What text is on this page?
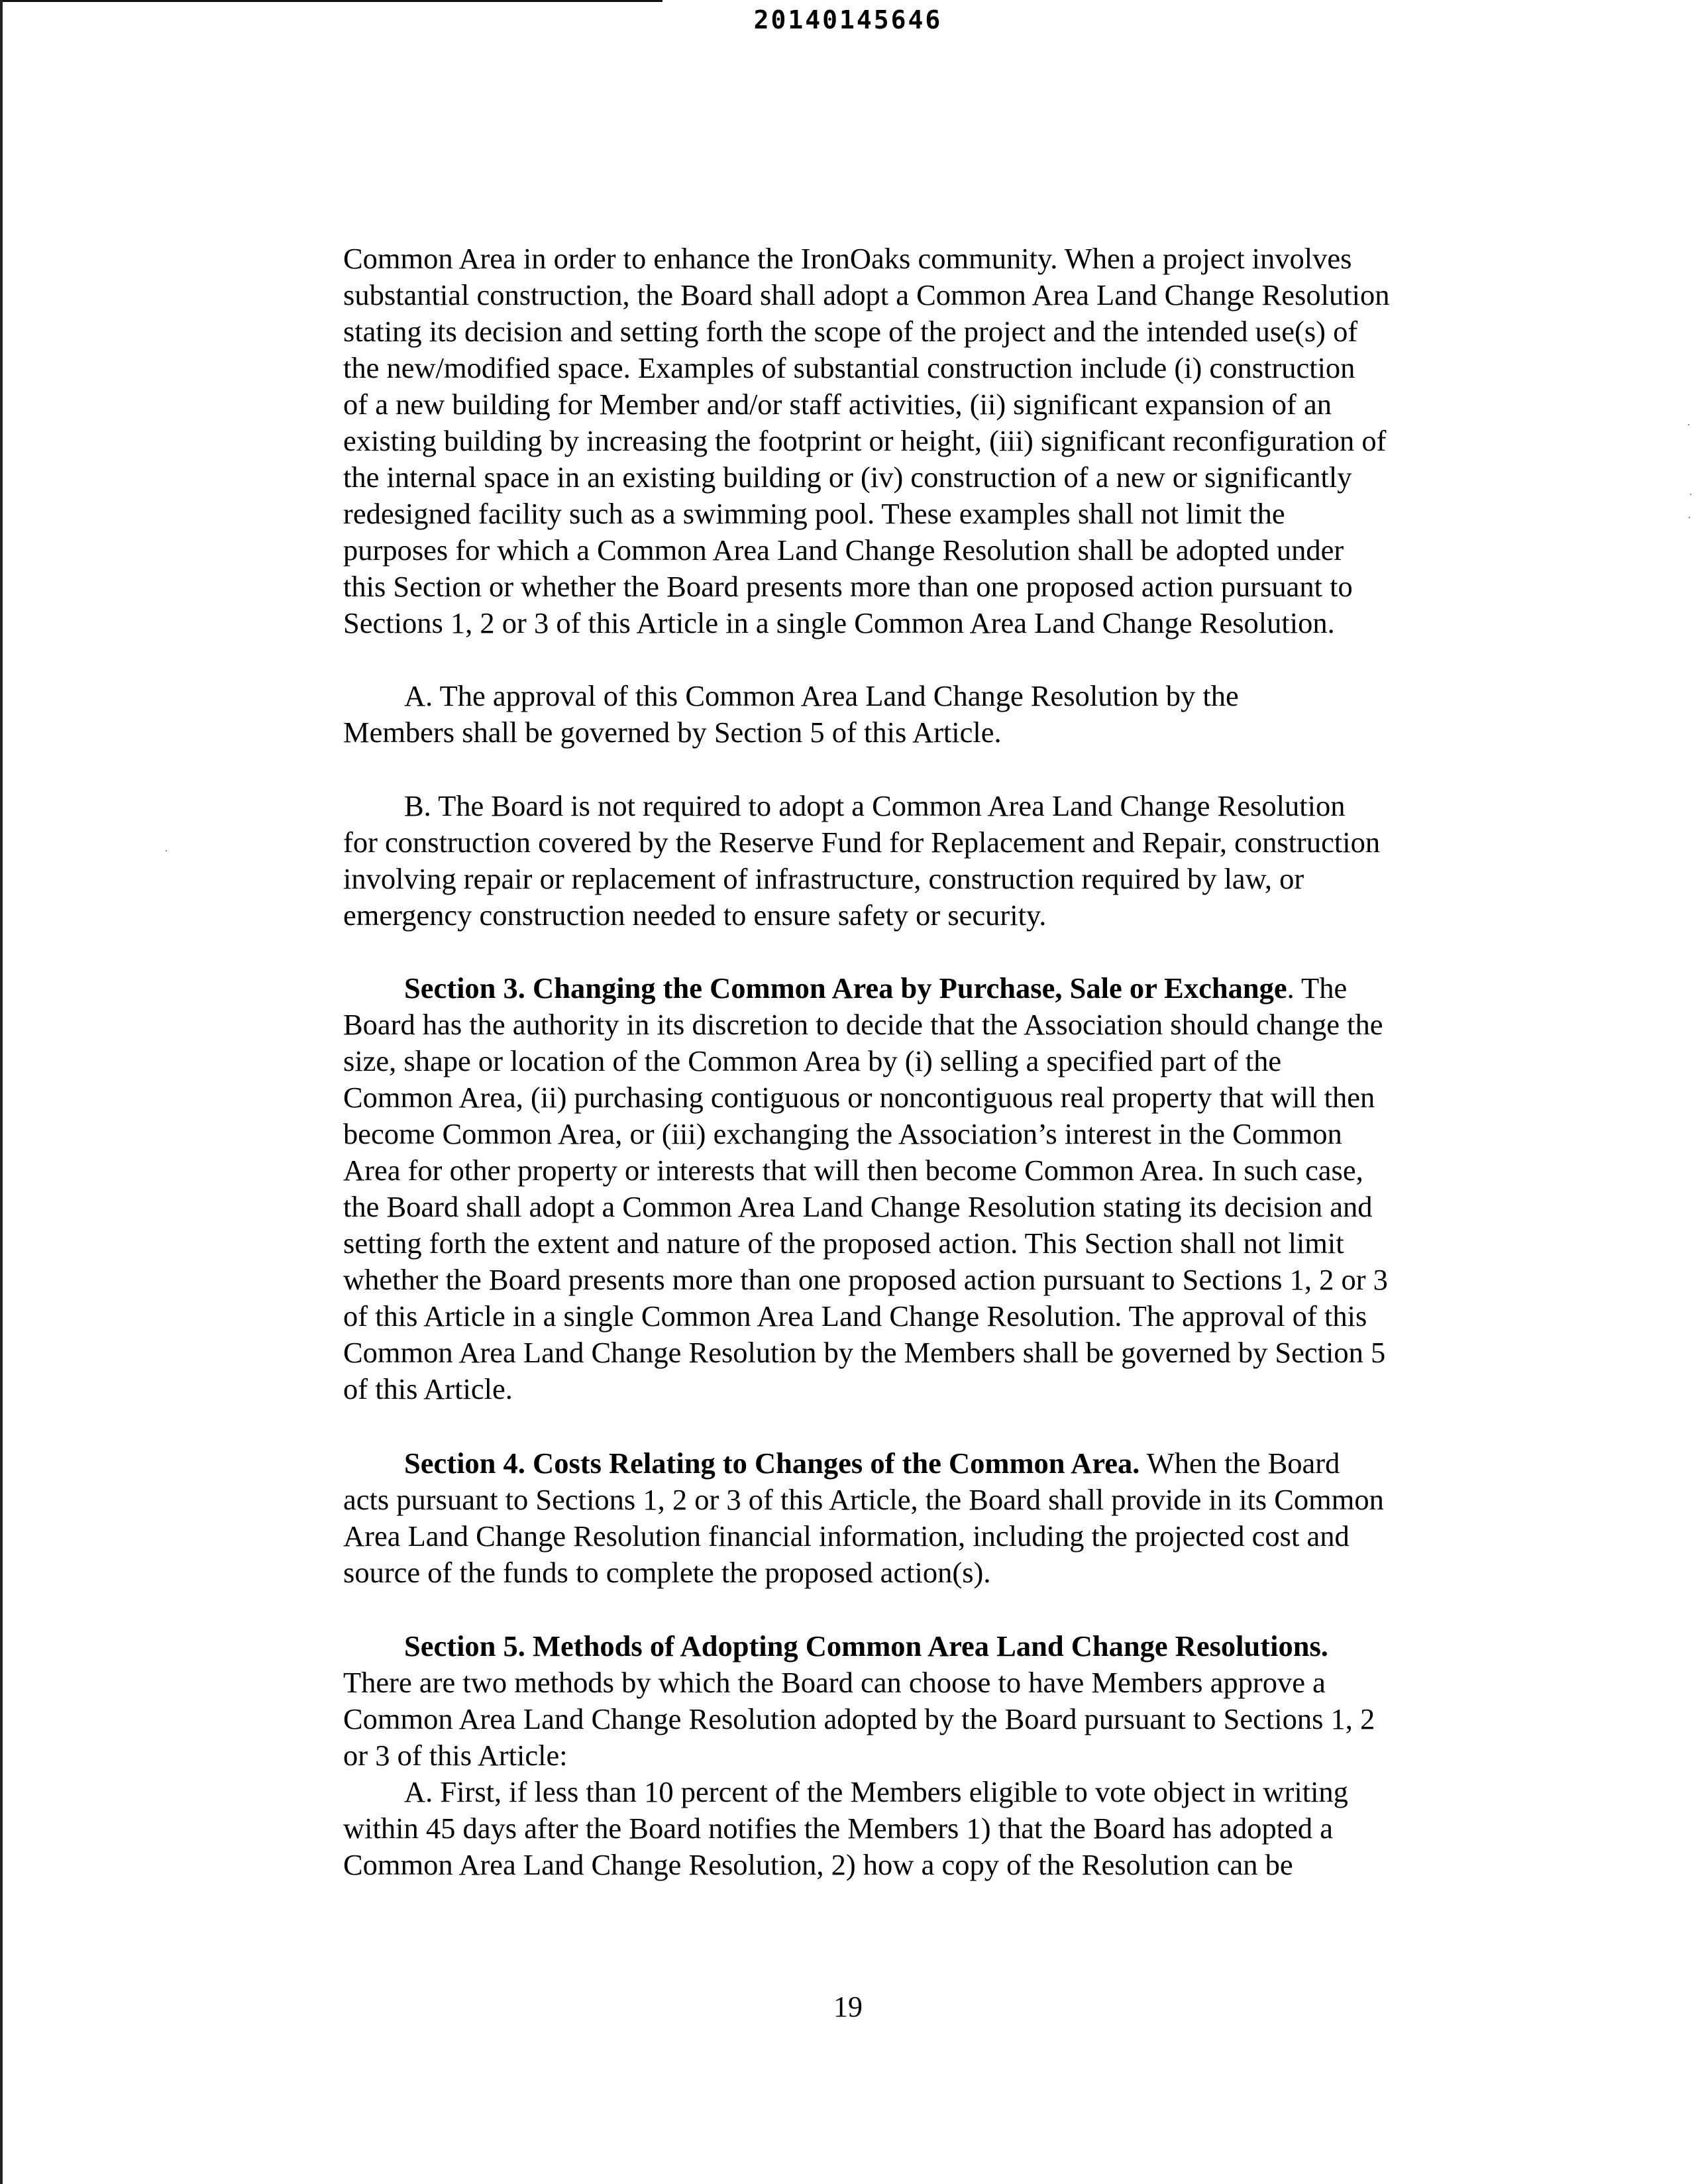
20140145646

Common Area in order to enhance the IronOaks community. When a project involves
substantial construction, the Board shall adopt a Common Area Land Change Resolution
stating its decision and setting forth the scope of the project and the intended use(s) of
the new/modified space. Examples of substantial construction include (i) construction
of a new building for Member and/or staff activities, (ii) significant expansion of an
existing building by increasing the footprint or height, (iii) significant reconfiguration of
the internal space in an existing building or (iv) construction of a new or significantly
redesigned facility such as a swimming pool. These examples shall not limit the
purposes for which a Common Area Land Change Resolution shall be adopted under
this Section or whether the Board presents more than one proposed action pursuant to
Sections 1, 2 or 3 of this Article in a single Common Area Land Change Resolution.

A. The approval of this Common Area Land Change Resolution by the

Members shall be governed by Section 5 of this Article.

B. The Board is not required to adopt a Common Area Land Change Resolution

for construction covered by the Reserve Fund for Replacement and Repair, construction
involving repair or replacement of infrastructure, construction required by law, or
emergency construction needed to ensure safety or security.

Section 3. Changing the Common Area by Purchase, Sale or Exchange. The

Board has the authority in its discretion to decide that the Association should change the
size, shape or location of the Common Area by (i) selling a specified part of the
Common Area, (ii) purchasing contiguous or noncontiguous real property that will then
become Common Area, or (iii) exchanging the Association’s interest in the Common
Area for other property or interests that will then become Common Area. In such case,
the Board shall adopt a Common Area Land Change Resolution stating its decision and
setting forth the extent and nature of the proposed action. This Section shall not limit
whether the Board presents more than one proposed action pursuant to Sections 1, 2 or 3
of this Article in a single Common Area Land Change Resolution. The approval of this
Common Area Land Change Resolution by the Members shall be governed by Section 5
of this Article.

Section 4. Costs Relating to Changes of the Common Area. When the Board

acts pursuant to Sections 1, 2 or 3 of this Article, the Board shall provide in its Common
Area Land Change Resolution financial information, including the projected cost and
source of the funds to complete the proposed action(s).

Section 5. Methods of Adopting Common Area Land Change Resolutions.

There are two methods by which the Board can choose to have Members approve a
Common Area Land Change Resolution adopted by the Board pursuant to Sections 1, 2
or 3 of this Article:

A. First, if less than 10 percent of the Members eligible to vote object in writing

within 45 days after the Board notifies the Members 1) that the Board has adopted a
Common Area Land Change Resolution, 2) how a copy of the Resolution can be

19
